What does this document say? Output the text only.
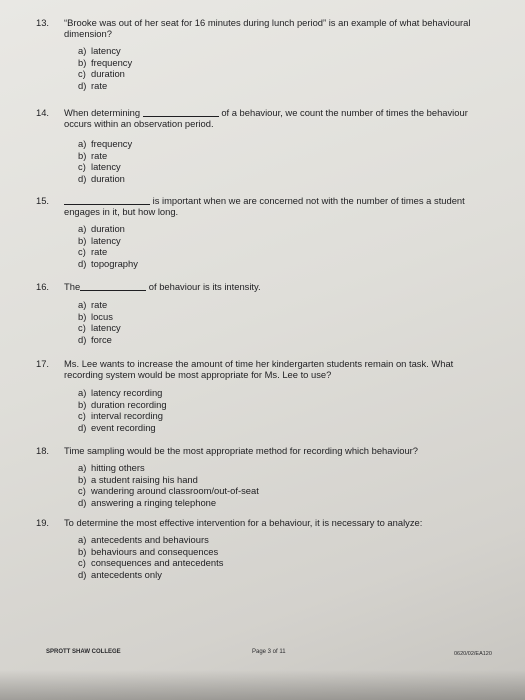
13.	“Brooke was out of her seat for 16 minutes during lunch period” is an example of what behavioural dimension?
a) latency
b) frequency
c) duration
d) rate
14.	When determining	of a behaviour, we count the number of times the behaviour
occurs within an observation period.
a) frequency
b) rate
c) latency
d) duration
15.	is important when we are concerned not with the number of times a student
engages in it, but how long.
a) duration
b) latency
c) rate
d) topography
16.	The	of behaviour is its intensity.
a) rate
b) locus
c) latency
d) force
17.	Ms. Lee wants to increase the amount of time her kindergarten students remain on task. What recording system would be most appropriate for Ms. Lee to use?
a) latency recording
b) duration recording
c) interval recording
d) event recording
18.	Time sampling would be the most appropriate method for recording which behaviour?
a) hitting others
b) a student raising his hand
c) wandering around classroom/out-of-seat
d) answering a ringing telephone
19.	To determine the most effective intervention for a behaviour, it is necessary to analyze:
a) antecedents and behaviours
b) behaviours and consequences
c) consequences and antecedents
d) antecedents only
SPROTT SHAW COLLEGE	Page 3 of 11	0620/02/EA120
